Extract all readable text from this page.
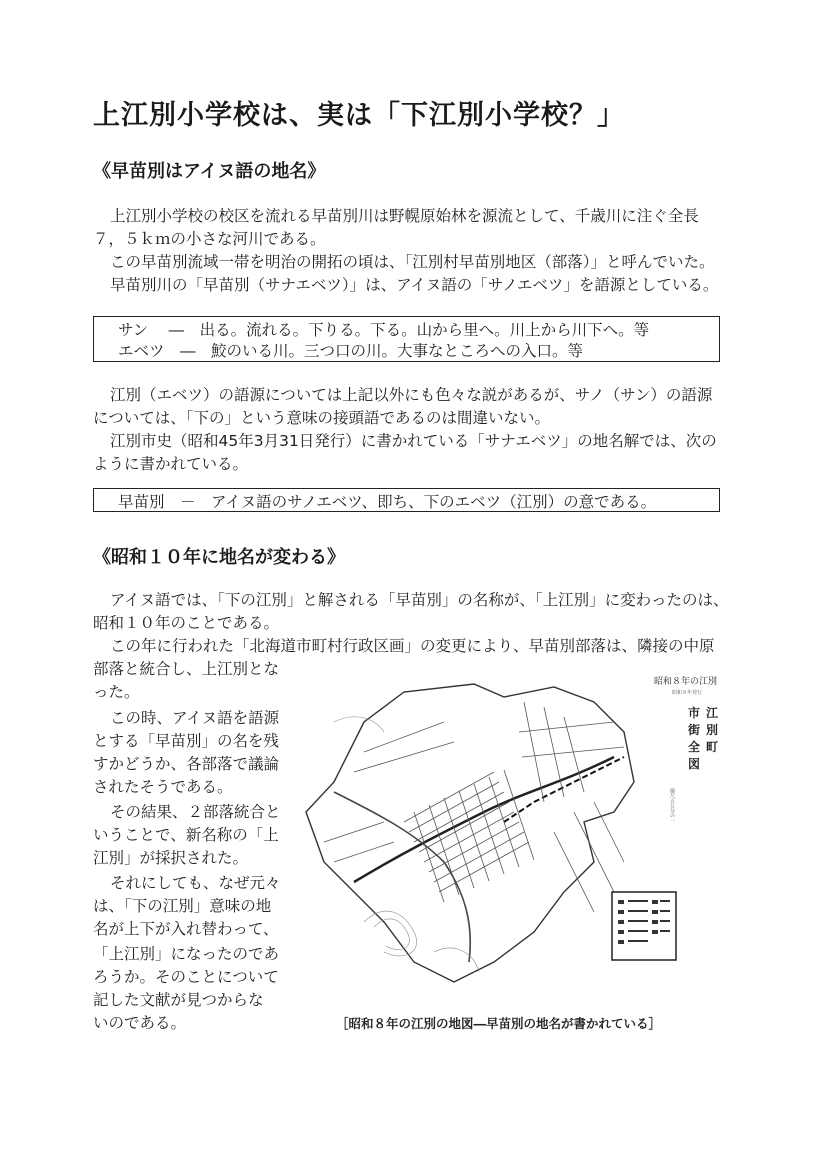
上江別小学校は、実は「下江別小学校？」
《早苗別はアイヌ語の地名》
上江別小学校の校区を流れる早苗別川は野幌原始林を源流として、千歳川に注ぐ全長
７，５ｋｍの小さな河川である。
この早苗別流域一帯を明治の開拓の頃は、「江別村早苗別地区（部落）」と呼んでいた。
早苗別川の「早苗別（サナエベツ）」は、アイヌ語の「サノエベツ」を語源としている。
サン　 ―　出る。流れる。下りる。下る。山から里へ。川上から川下へ。等
エベツ　―　鮫のいる川。三つ口の川。大事なところへの入口。等
江別（エベツ）の語源については上記以外にも色々な説があるが、サノ（サン）の語源
については、「下の」という意味の接頭語であるのは間違いない。
江別市史（昭和45年3月31日発行）に書かれている「サナエベツ」の地名解では、次の
ように書かれている。
早苗別　－　アイヌ語のサノエベツ、即ち、下のエベツ（江別）の意である。
《昭和１０年に地名が変わる》
アイヌ語では、「下の江別」と解される「早苗別」の名称が、「上江別」に変わったのは、
昭和１０年のことである。
この年に行われた「北海道市町村行政区画」の変更により、早苗別部落は、隣接の中原
部落と統合し、上江別とな
った。
この時、アイヌ語を語源
とする「早苗別」の名を残
すかどうか、各部落で議論
されたそうである。
その結果、２部落統合と
いうことで、新名称の「上
江別」が採択された。
それにしても、なぜ元々
は、「下の江別」意味の地
名が上下が入れ替わって、
「上江別」になったのであ
ろうか。そのことについて
記した文献が見つからな
いのである。
昭和８年の江別
昭和８年発行
江
別
町
市
街
全
図
縮尺五万分の一
［昭和８年の江別の地図―早苗別の地名が書かれている］
